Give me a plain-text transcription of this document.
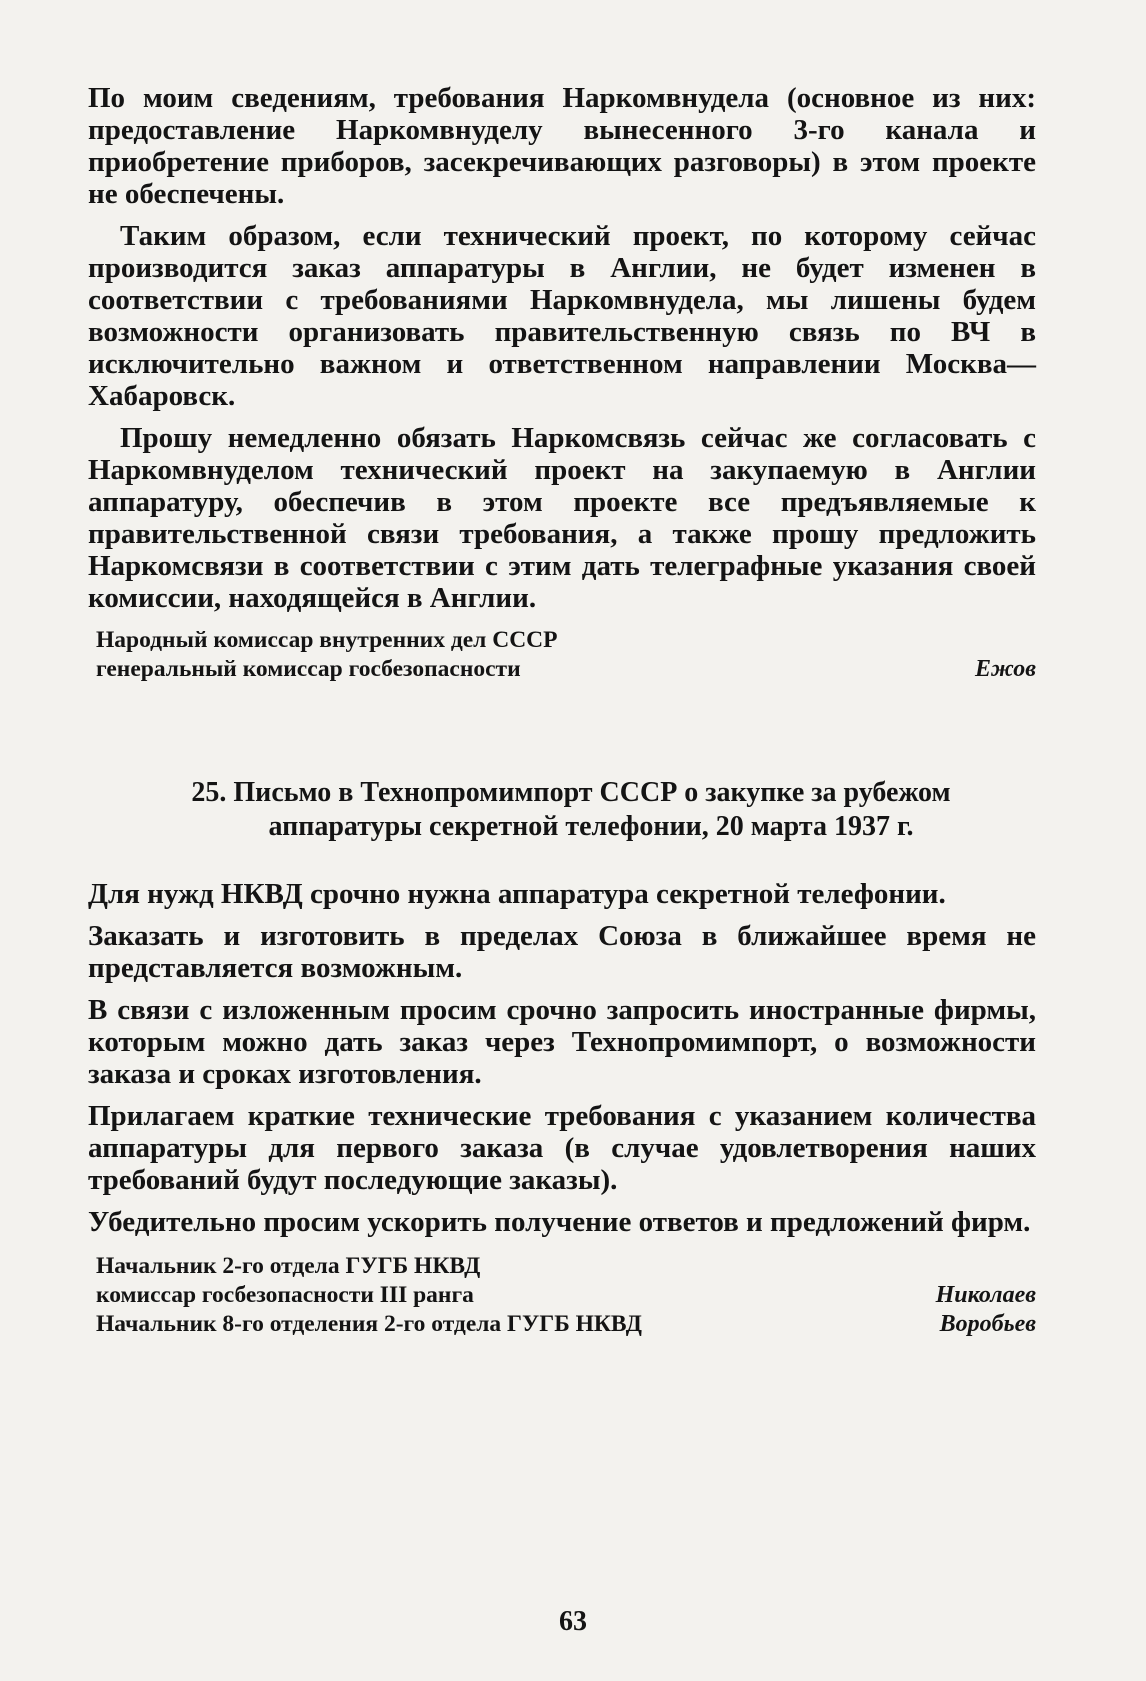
По моим сведениям, требования Наркомвнудела (основное из них: предоставление Наркомвнуделу вынесенного 3-го канала и приобретение приборов, засекречивающих разговоры) в этом проекте не обеспечены.

Таким образом, если технический проект, по которому сейчас производится заказ аппаратуры в Англии, не будет изменен в соответствии с требованиями Наркомвнудела, мы лишены будем возможности организовать правительственную связь по ВЧ в исключительно важном и ответственном направлении Москва—Хабаровск.

Прошу немедленно обязать Наркомсвязь сейчас же согласовать с Наркомвнуделом технический проект на закупаемую в Англии аппаратуру, обеспечив в этом проекте все предъявляемые к правительственной связи требования, а также прошу предложить Наркомсвязи в соответствии с этим дать телеграфные указания своей комиссии, находящейся в Англии.

Народный комиссар внутренних дел СССР
генеральный комиссар госбезопасности	Ежов
25. Письмо в Технопромимпорт СССР о закупке за рубежом
аппаратуры секретной телефонии, 20 марта 1937 г.

Для нужд НКВД срочно нужна аппаратура секретной телефонии.

Заказать и изготовить в пределах Союза в ближайшее время не представляется возможным.

В связи с изложенным просим срочно запросить иностранные фирмы, которым можно дать заказ через Технопромимпорт, о возможности заказа и сроках изготовления.

Прилагаем краткие технические требования с указанием количества аппаратуры для первого заказа (в случае удовлетворения наших требований будут последующие заказы).

Убедительно просим ускорить получение ответов и предложений фирм.

Начальник 2-го отдела ГУГБ НКВД
комиссар госбезопасности III ранга	Николаев
Начальник 8-го отделения 2-го отдела ГУГБ НКВД	Воробьев
63
